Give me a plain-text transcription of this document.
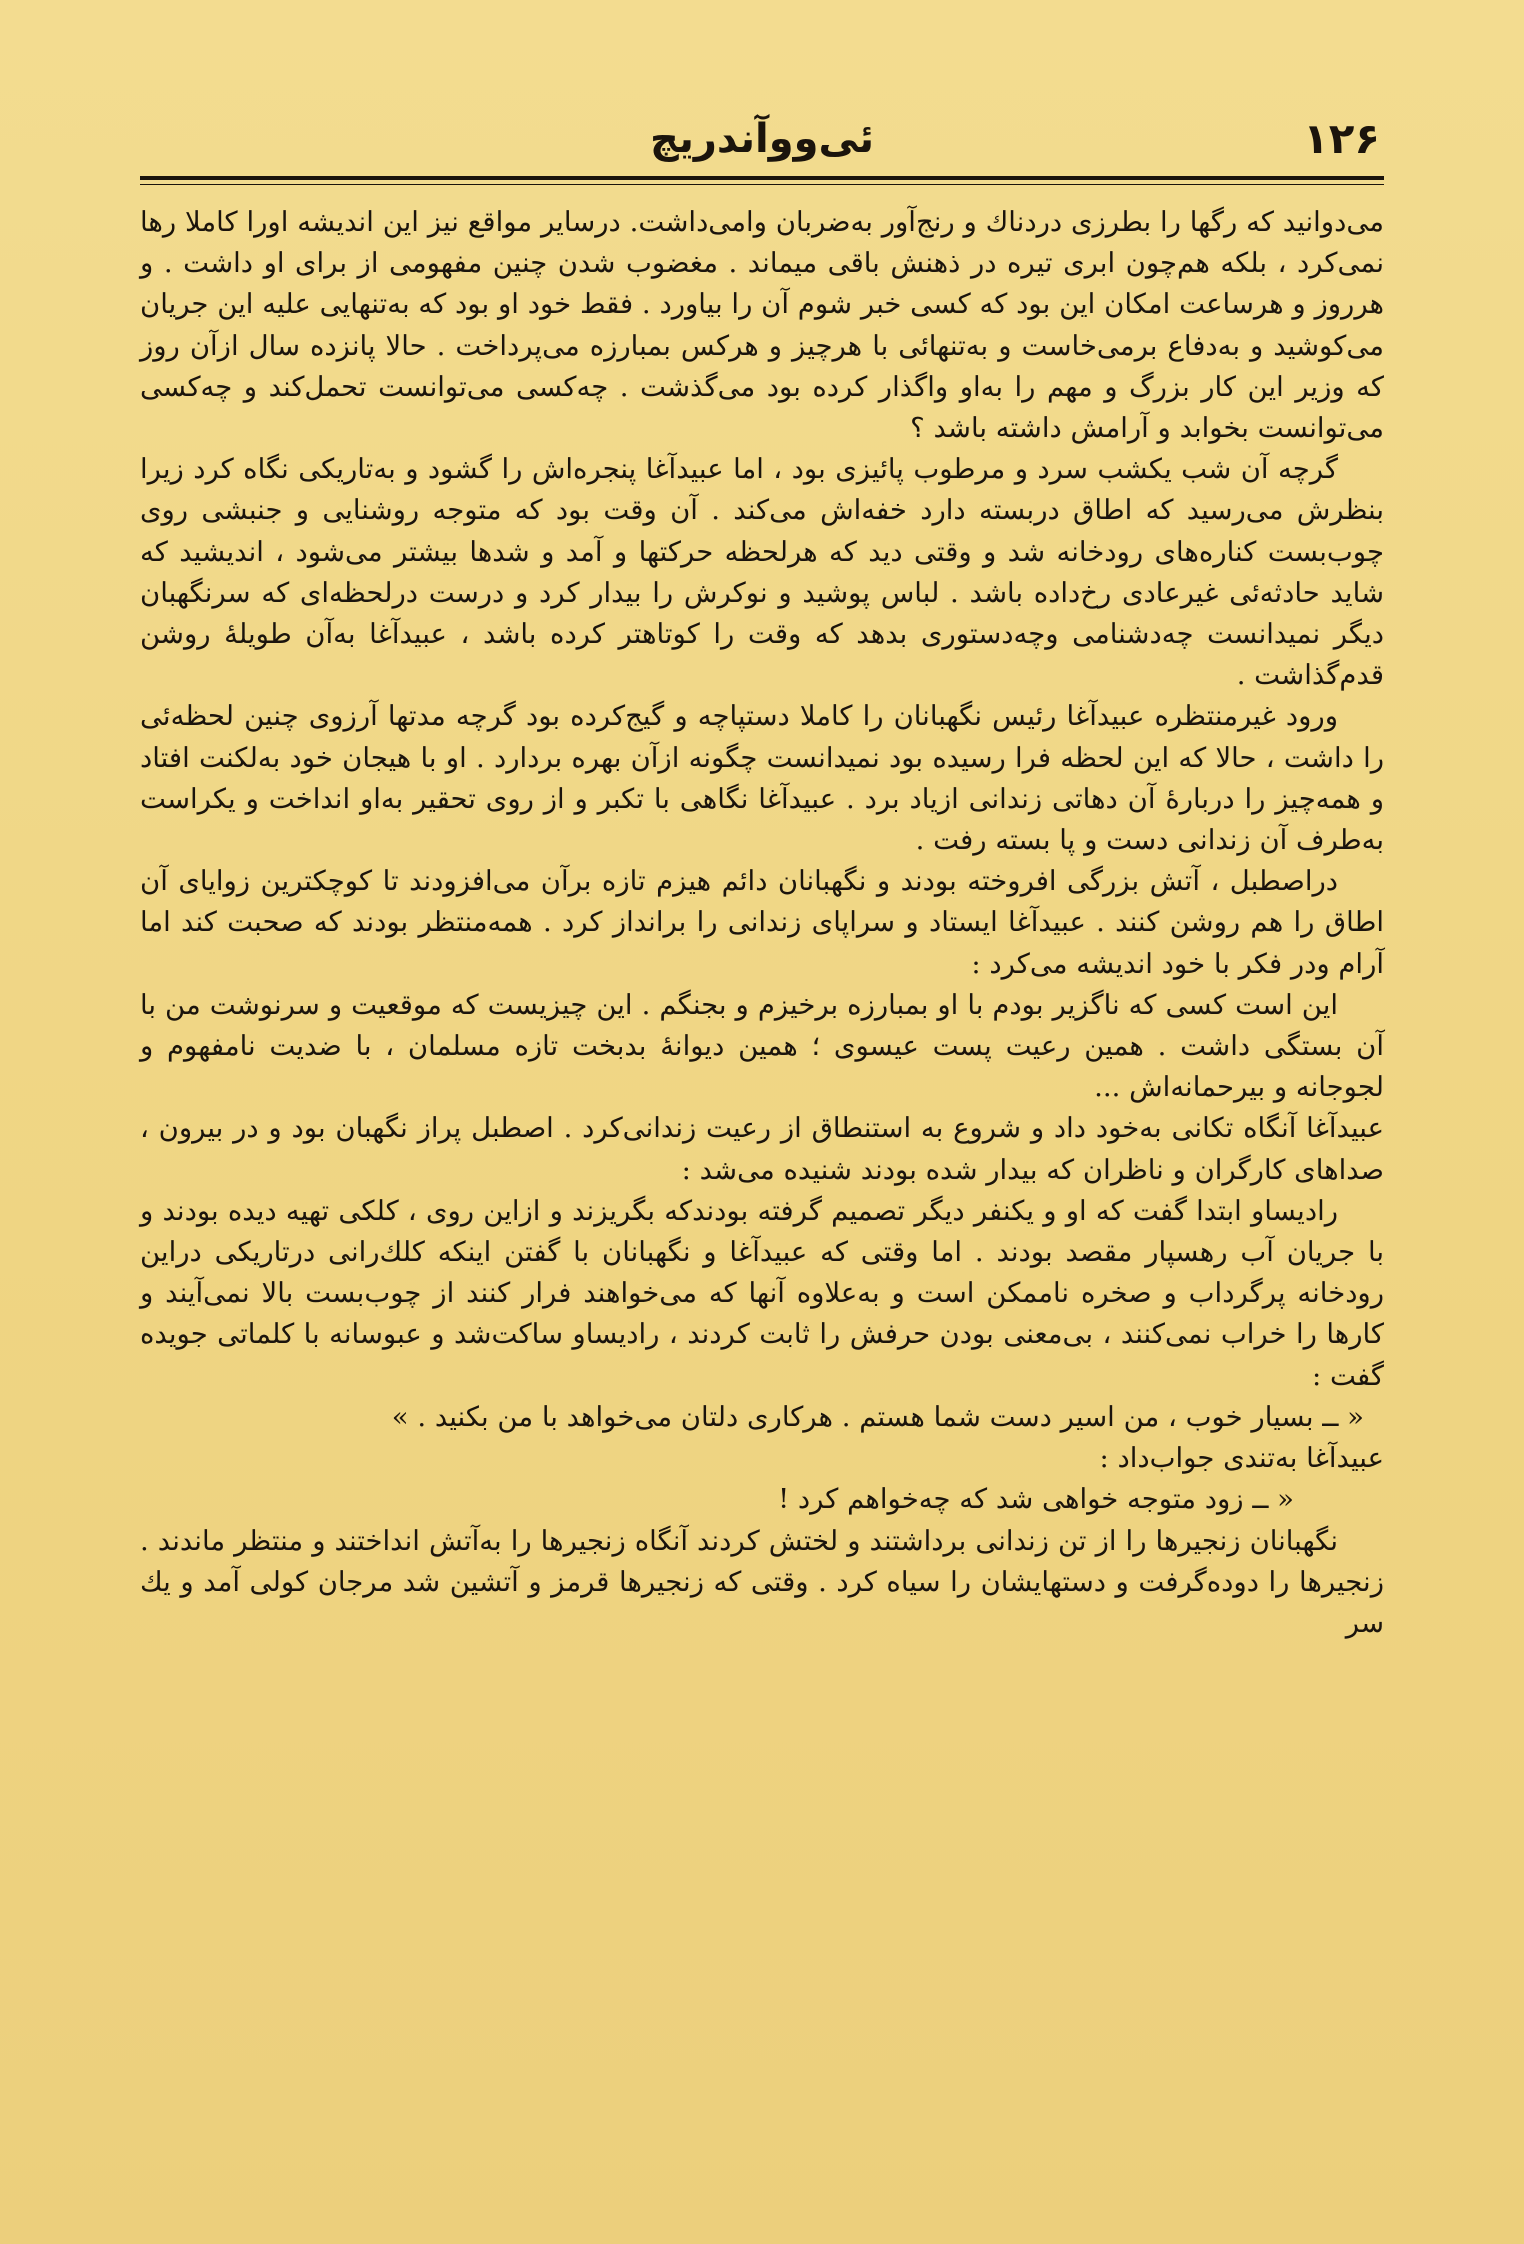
۱۲۶
ئی‌وو‌آندریچ

می‌دوانید که رگها را بطرزی دردناك و رنج‌آور به‌ضربان وامی‌داشت. درسایر مواقع نیز این اندیشه اورا کاملا رها نمی‌کرد ، بلکه هم‌چون ابری تیره در ذهنش باقی میماند . مغضوب شدن چنین مفهومی از برای او داشت . و هرروز و هرساعت امکان این بود که کسی خبر شوم آن را بیاورد . فقط خود او بود که به‌تنهایی علیه این جریان می‌کوشید و به‌دفاع برمی‌خاست و به‌تنهائی با هرچیز و هرکس بمبارزه می‌پرداخت . حالا پانزده سال ازآن روز که وزیر این کار بزرگ و مهم را به‌او واگذار کرده بود می‌گذشت . چه‌کسی می‌توانست تحمل‌کند و چه‌کسی می‌توانست بخوابد و آرامش داشته باشد ؟

گرچه آن شب یکشب سرد و مرطوب پائیزی بود ، اما عبیدآغا پنجره‌اش را گشود و به‌تاریکی نگاه کرد زیرا بنظرش می‌رسید که اطاق دربسته دارد خفه‌اش می‌کند . آن وقت بود که متوجه روشنایی و جنبشی روی چوب‌بست کناره‌های رودخانه شد و وقتی دید که هرلحظه حرکتها و آمد و شدها بیشتر می‌شود ، اندیشید که شاید حادثه‌ئی غیرعادی رخ‌داده باشد . لباس پوشید و نوکرش را بیدار کرد و درست درلحظه‌ای که سرنگهبان دیگر نمیدانست چه‌دشنامی وچه‌دستوری بدهد که وقت را کوتاهتر کرده باشد ، عبیدآغا به‌آن طویلهٔ روشن قدم‌گذاشت .

ورود غیرمنتظره عبیدآغا رئیس نگهبانان را کاملا دستپاچه و گیج‌کرده بود گرچه مدتها آرزوی چنین لحظه‌ئی را داشت ، حالا که این لحظه فرا رسیده بود نمیدانست چگونه ازآن بهره بردارد . او با هیجان خود به‌لکنت افتاد و همه‌چیز را دربارهٔ آن دهاتی زندانی ازیاد برد . عبیدآغا نگاهی با تکبر و از روی تحقیر به‌او انداخت و یکراست به‌طرف آن زندانی دست و پا بسته رفت .

دراصطبل ، آتش بزرگی افروخته بودند و نگهبانان دائم هیزم تازه برآن می‌افزودند تا کوچکترین زوایای آن اطاق را هم روشن کنند . عبیدآغا ایستاد و سراپای زندانی را برانداز کرد . همه‌منتظر بودند که صحبت کند اما آرام ودر فکر با خود اندیشه می‌کرد :

این است کسی که ناگزیر بودم با او بمبارزه برخیزم و بجنگم . این چیزیست که موقعیت و سرنوشت من با آن بستگی داشت . همین رعیت پست عیسوی ؛ همین دیوانهٔ بدبخت تازه مسلمان ، با ضدیت نامفهوم و لجوجانه و بیرحمانه‌اش ...

عبیدآغا آنگاه تکانی به‌خود داد و شروع به استنطاق از رعیت زندانی‌کرد . اصطبل پراز نگهبان بود و در بیرون ، صداهای کارگران و ناظران که بیدار شده بودند شنیده می‌شد :

رادیساو ابتدا گفت که او و یکنفر دیگر تصمیم گرفته بودندکه بگریزند و ازاین روی ، کلکی تهیه دیده بودند و با جریان آب رهسپار مقصد بودند . اما وقتی که عبیدآغا و نگهبانان با گفتن اینکه کلك‌رانی درتاریکی دراین رودخانه پرگرداب و صخره ناممکن است و به‌علاوه آنها که می‌خواهند فرار کنند از چوب‌بست بالا نمی‌آیند و کارها را خراب نمی‌کنند ، بی‌معنی بودن حرفش را ثابت کردند ، رادیساو ساکت‌شد و عبوسانه با کلماتی جویده گفت :

« ــ بسیار خوب ، من اسیر دست شما هستم . هرکاری دلتان می‌خواهد با من بکنید . »

عبیدآغا به‌تندی جواب‌داد :

« ــ زود متوجه خواهی شد که چه‌خواهم کرد !

نگهبانان زنجیرها را از تن زندانی برداشتند و لختش کردند آنگاه زنجیرها را به‌آتش انداختند و منتظر ماندند . زنجیرها را دوده‌گرفت و دستهایشان را سیاه کرد . وقتی که زنجیرها قرمز و آتشین شد مرجان کولی آمد و یك سر
